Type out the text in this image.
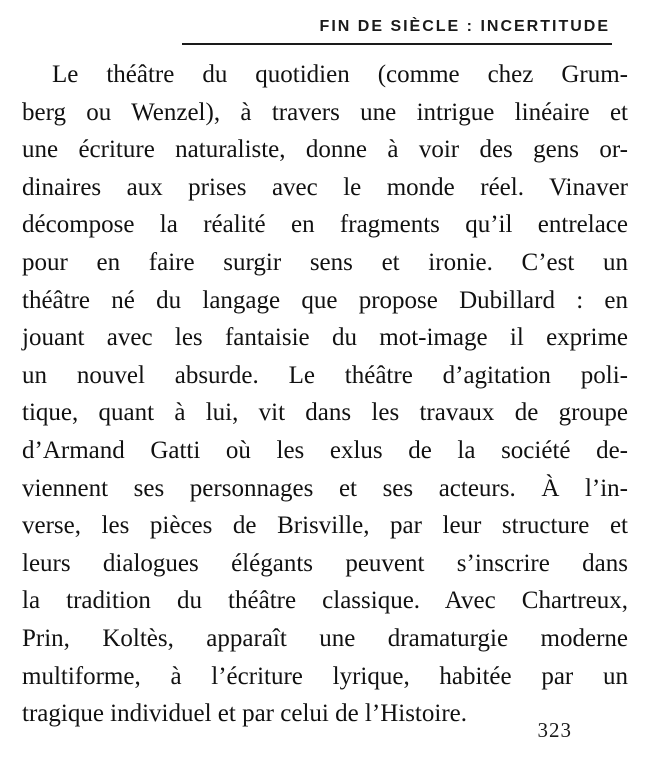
FIN DE SIÈCLE : INCERTITUDE
Le théâtre du quotidien (comme chez Grum-
berg ou Wenzel), à travers une intrigue linéaire et
une écriture naturaliste, donne à voir des gens or-
dinaires aux prises avec le monde réel. Vinaver
décompose la réalité en fragments qu’il entrelace
pour en faire surgir sens et ironie. C’est un
théâtre né du langage que propose Dubillard : en
jouant avec les fantaisie du mot-image il exprime
un nouvel absurde. Le théâtre d’agitation poli-
tique, quant à lui, vit dans les travaux de groupe
d’Armand Gatti où les exlus de la société de-
viennent ses personnages et ses acteurs. À l’in-
verse, les pièces de Brisville, par leur structure et
leurs dialogues élégants peuvent s’inscrire dans
la tradition du théâtre classique. Avec Chartreux,
Prin, Koltès, apparaît une dramaturgie moderne
multiforme, à l’écriture lyrique, habitée par un
tragique individuel et par celui de l’Histoire.
323
